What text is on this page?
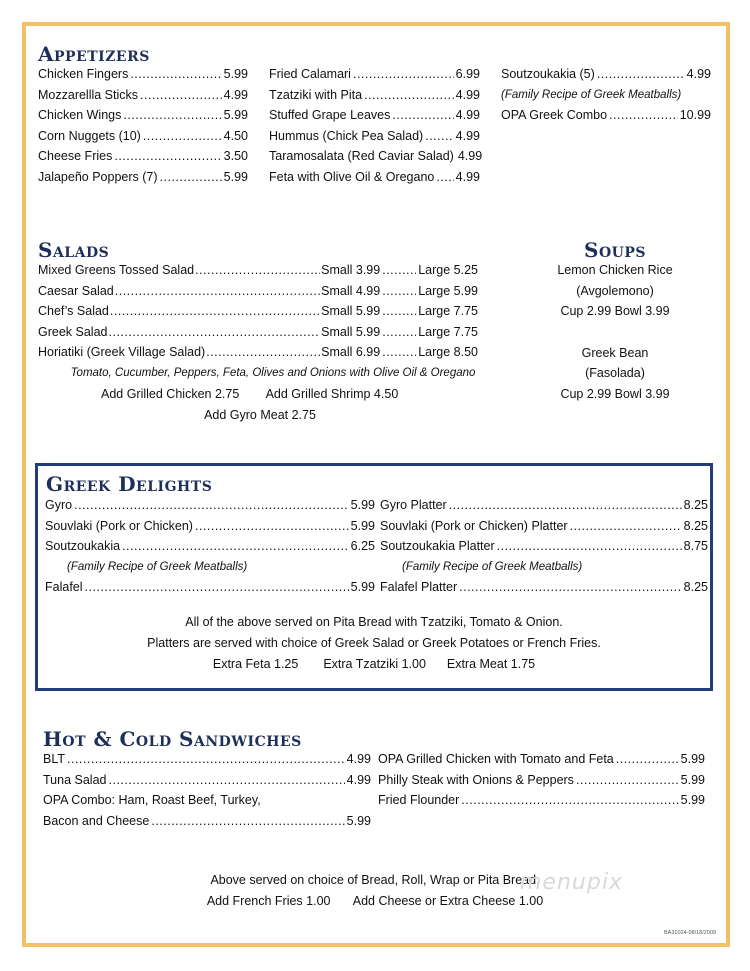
Appetizers
Chicken Fingers .....	5.99
Mozzarellla Sticks .....	4.99
Chicken Wings .....	5.99
Corn Nuggets (10) .....	4.50
Cheese Fries .....	3.50
Jalapeño Poppers (7) .....	5.99
Fried Calamari .....	6.99
Tzatziki with Pita .....	4.99
Stuffed Grape Leaves .....	4.99
Hummus (Chick Pea Salad) .....	4.99
Taramosalata (Red Caviar Salad) 4.99
Feta with Olive Oil & Oregano ..... 4.99
Soutzoukakia (5) .....	4.99
(Family Recipe of Greek Meatballs)
OPA Greek Combo .....	10.99
Salads
Mixed Greens Tossed Salad .....	Small 3.99 .....	Large 5.25
Caesar Salad .....	Small 4.99 .....	Large 5.99
Chef’s Salad .....	Small 5.99 .....	Large 7.75
Greek Salad .....	Small 5.99 .....	Large 7.75
Horiatiki (Greek Village Salad) .....	Small 6.99 .....	Large 8.50
Tomato, Cucumber, Peppers, Feta, Olives and Onions with Olive Oil & Oregano
Add Grilled Chicken 2.75 Add Grilled Shrimp 4.50
Add Gyro Meat 2.75
Soups
Lemon Chicken Rice
(Avgolemono)
Cup 2.99 Bowl 3.99
Greek Bean
(Fasolada)
Cup 2.99 Bowl 3.99
Greek Delights
Gyro .....	5.99
Souvlaki (Pork or Chicken) .....	5.99
Soutzoukakia .....	6.25
(Family Recipe of Greek Meatballs)
Falafel .....	5.99
Gyro Platter .....	8.25
Souvlaki (Pork or Chicken) Platter .....	8.25
Soutzoukakia Platter .....	8.75
(Family Recipe of Greek Meatballs)
Falafel Platter .....	8.25
All of the above served on Pita Bread with Tzatziki, Tomato & Onion.
Platters are served with choice of Greek Salad or Greek Potatoes or French Fries.
Extra Feta 1.25 Extra Tzatziki 1.00 Extra Meat 1.75
Hot & Cold Sandwiches
BLT .....	4.99
Tuna Salad .....	4.99
OPA Combo: Ham, Roast Beef, Turkey,
Bacon and Cheese .....	5.99
OPA Grilled Chicken with Tomato and Feta .....	5.99
Philly Steak with Onions & Peppers .....	5.99
Fried Flounder .....	5.99
Above served on choice of Bread, Roll, Wrap or Pita Bread.
Add French Fries 1.00 Add Cheese or Extra Cheese 1.00
menupix
BA31024-08/18/2009
